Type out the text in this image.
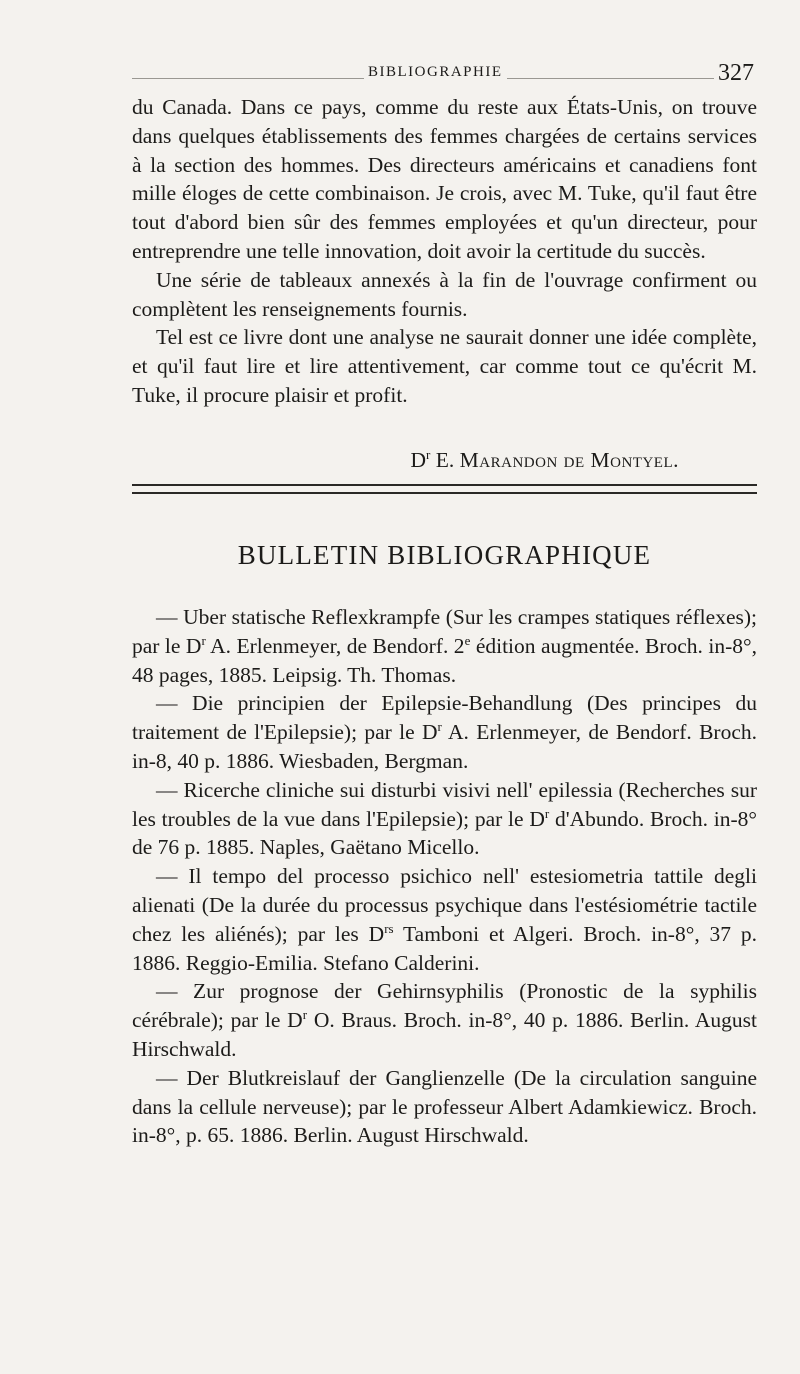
BIBLIOGRAPHIE	327

du Canada. Dans ce pays, comme du reste aux États-Unis, on trouve dans quelques établissements des femmes chargées de certains services à la section des hommes. Des directeurs américains et canadiens font mille éloges de cette combinaison. Je crois, avec M. Tuke, qu'il faut être tout d'abord bien sûr des femmes employées et qu'un directeur, pour entreprendre une telle innovation, doit avoir la certitude du succès.

Une série de tableaux annexés à la fin de l'ouvrage confirment ou complètent les renseignements fournis.

Tel est ce livre dont une analyse ne saurait donner une idée complète, et qu'il faut lire et lire attentivement, car comme tout ce qu'écrit M. Tuke, il procure plaisir et profit.

$D^r$ E. Marandon de Montyel.
BULLETIN BIBLIOGRAPHIQUE

— Uber statische Reflexkrampfe (Sur les crampes statiques réflexes); par le $D^r$ A. Erlenmeyer, de Bendorf. 2e édition augmentée. Broch. in-8°, 48 pages, 1885. Leipsig. Th. Thomas.

— Die principien der Epilepsie-Behandlung (Des principes du traitement de l'Epilepsie); par le $D^r$ A. Erlenmeyer, de Bendorf. Broch. in-8, 40 p. 1886. Wiesbaden, Bergman.

— Ricerche cliniche sui disturbi visivi nell' epilessia (Recherches sur les troubles de la vue dans l'Epilepsie); par le $D^r$ d'Abundo. Broch. in-8° de 76 p. 1885. Naples, Gaëtano Micello.

— Il tempo del processo psichico nell' estesiometria tattile degli alienati (De la durée du processus psychique dans l'estésiométrie tactile chez les aliénés); par les $D^{rs}$ Tamboni et Algeri. Broch. in-8°, 37 p. 1886. Reggio-Emilia. Stefano Calderini.

— Zur prognose der Gehirnsyphilis (Pronostic de la syphilis cérébrale); par le $D^r$ O. Braus. Broch. in-8°, 40 p. 1886. Berlin. August Hirschwald.

— Der Blutkreislauf der Ganglienzelle (De la circulation sanguine dans la cellule nerveuse); par le professeur Albert Adamkiewicz. Broch. in-8°, p. 65. 1886. Berlin. August Hirschwald.
